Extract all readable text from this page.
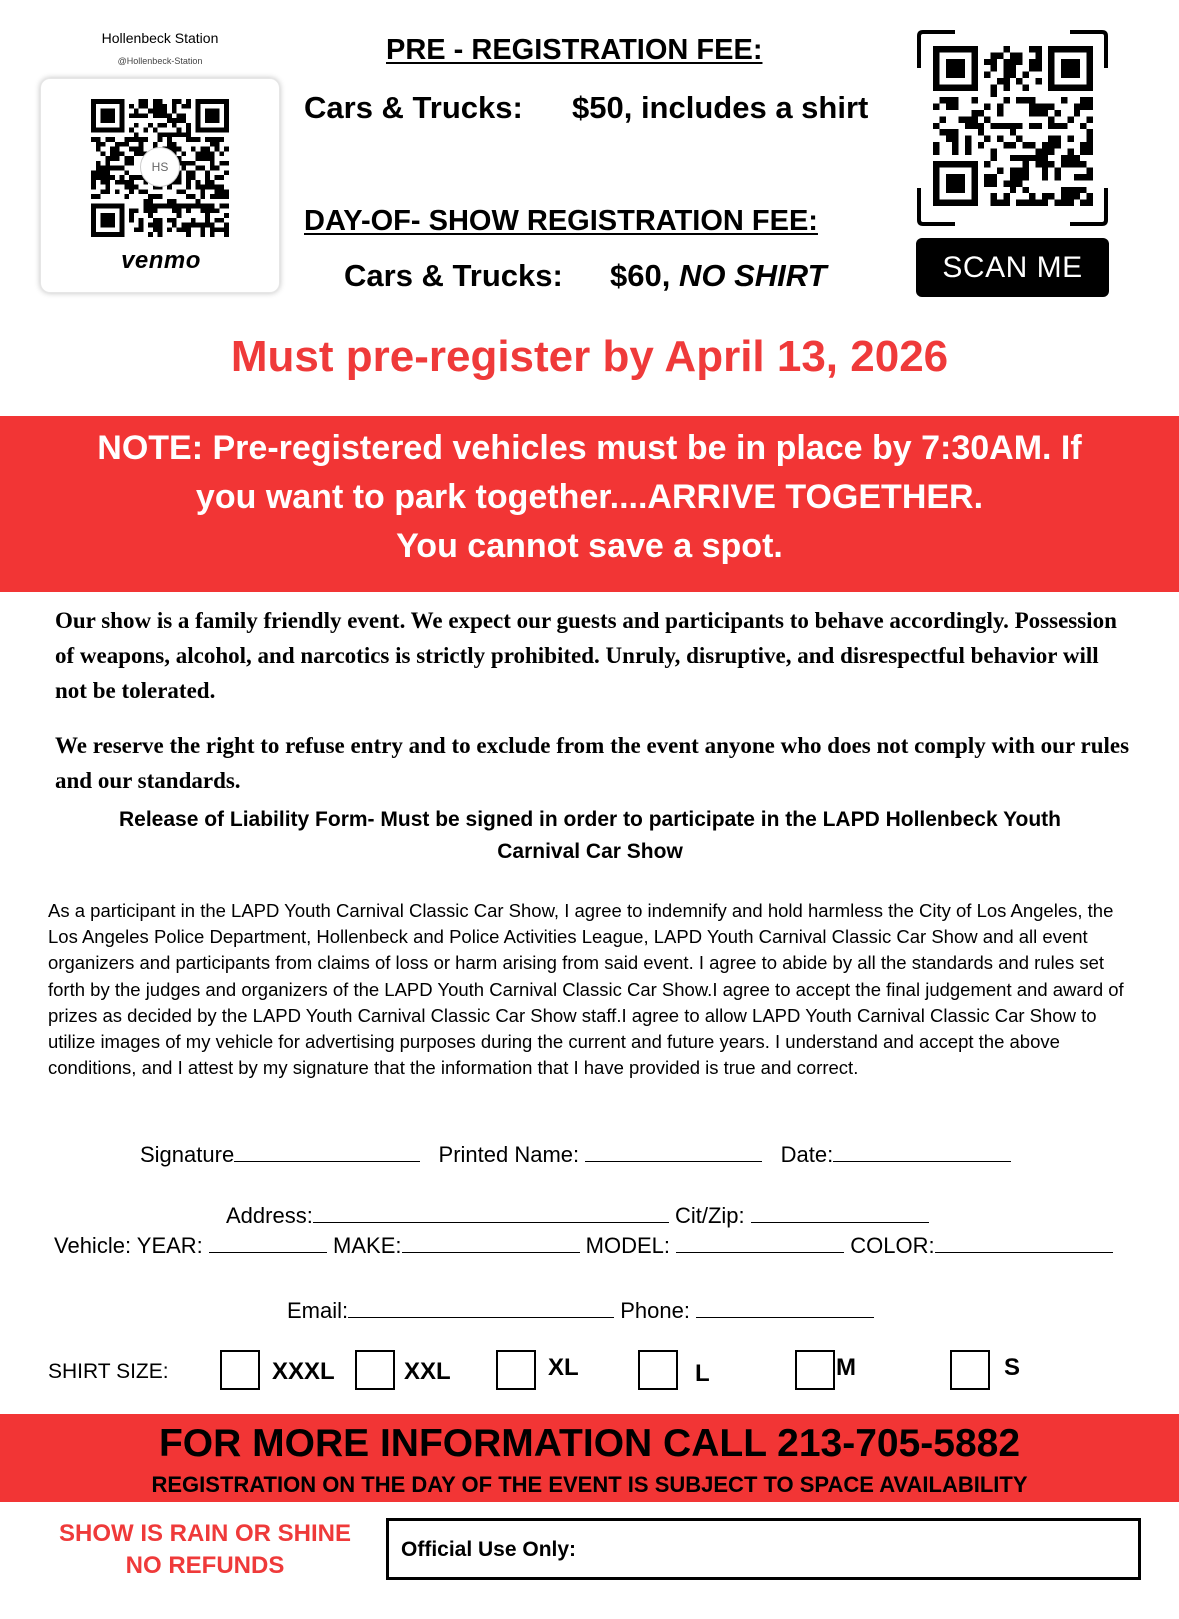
Hollenbeck Station
@Hollenbeck-Station
HS
venmo
PRE - REGISTRATION FEE:
Cars & Trucks: $50, includes a shirt
DAY-OF- SHOW REGISTRATION FEE:
Cars & Trucks: $60, NO SHIRT	SCAN ME
Must pre-register by April 13, 2026
NOTE: Pre-registered vehicles must be in place by 7:30AM. If
you want to park together....ARRIVE TOGETHER.
You cannot save a spot.
Our show is a family friendly event. We expect our guests and participants to behave accordingly. Possession of weapons, alcohol, and narcotics is strictly prohibited. Unruly, disruptive, and disrespectful behavior will not be tolerated.
We reserve the right to refuse entry and to exclude from the event anyone who does not comply with our rules and our standards.
Release of Liability Form- Must be signed in order to participate in the LAPD Hollenbeck Youth
Carnival Car Show
As a participant in the LAPD Youth Carnival Classic Car Show, I agree to indemnify and hold harmless the City of Los Angeles, the Los Angeles Police Department, Hollenbeck and Police Activities League, LAPD Youth Carnival Classic Car Show and all event organizers and participants from claims of loss or harm arising from said event. I agree to abide by all the standards and rules set forth by the judges and organizers of the LAPD Youth Carnival Classic Car Show.I agree to accept the final judgement and award of prizes as decided by the LAPD Youth Carnival Classic Car Show staff.I agree to allow LAPD Youth Carnival Classic Car Show to utilize images of my vehicle for advertising purposes during the current and future years. I understand and accept the above conditions, and I attest by my signature that the information that I have provided is true and correct.
Signature	Printed Name:	Date:
Address:	Cit/Zip:
Vehicle: YEAR:	MAKE:	MODEL:	COLOR:
Email:	Phone:
SHIRT SIZE:	XXXL	XXL	XL	L	M	S
FOR MORE INFORMATION CALL 213-705-5882
REGISTRATION ON THE DAY OF THE EVENT IS SUBJECT TO SPACE AVAILABILITY
SHOW IS RAIN OR SHINE
NO REFUNDS
Official Use Only:
